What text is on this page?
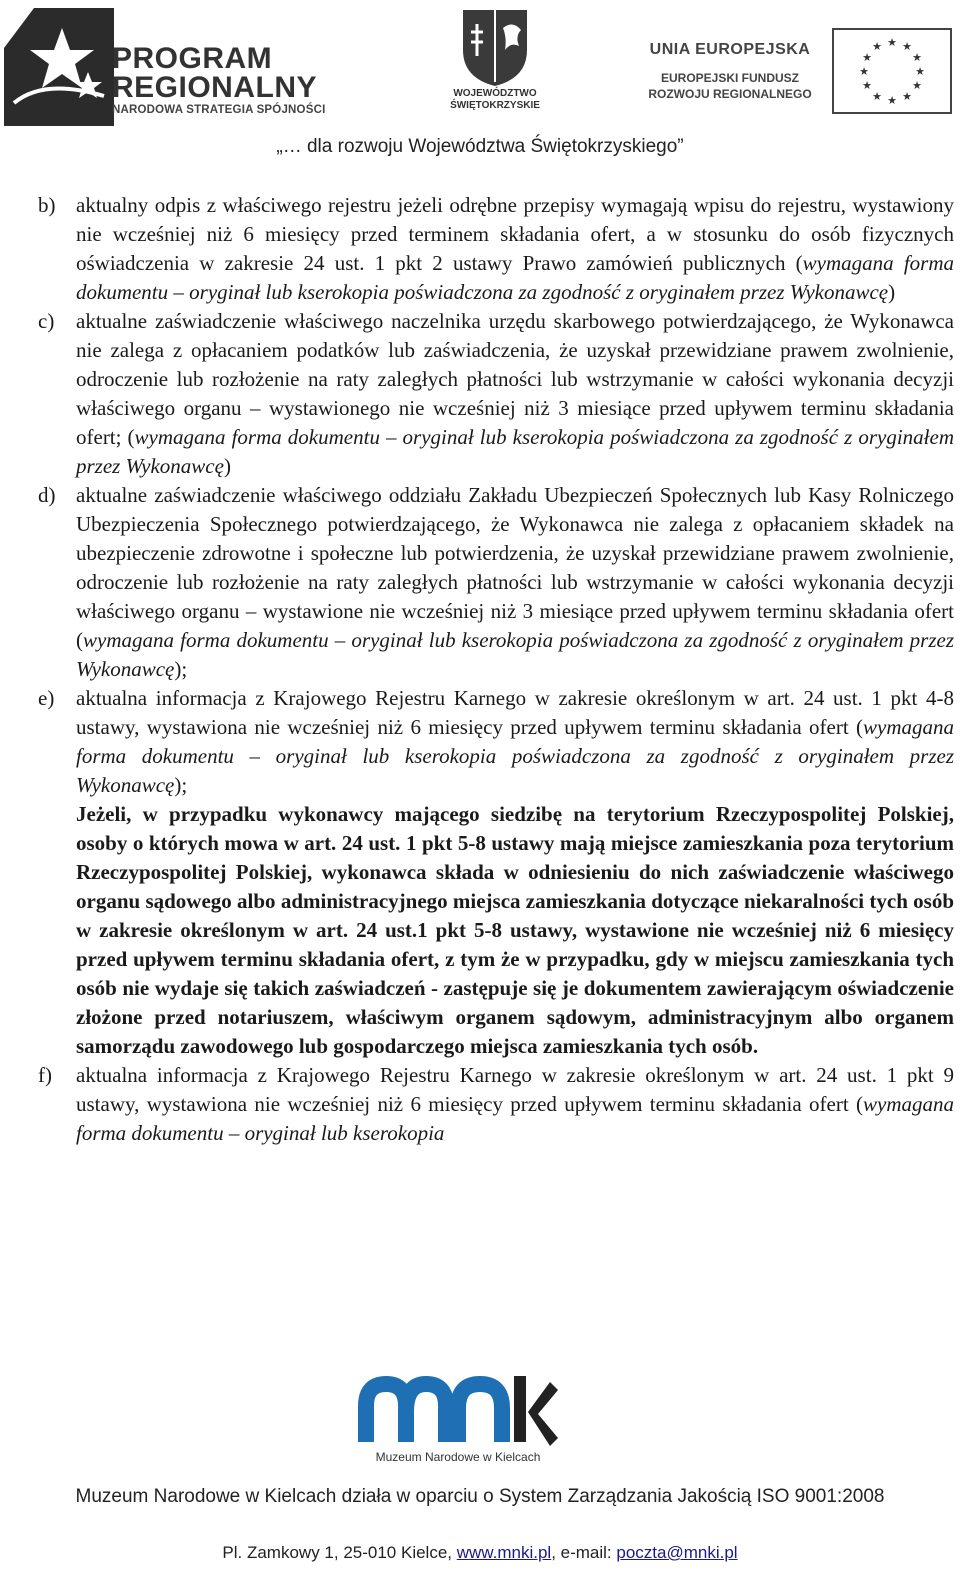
PROGRAM
REGIONALNY
NARODOWA STRATEGIA SPÓJNOŚCI
WOJEWÓDZTWO
ŚWIĘTOKRZYSKIE
UNIA EUROPEJSKA
EUROPEJSKI FUNDUSZ
ROZWOJU REGIONALNEGO
★ ★
★
★
★
★
★
★
★
★
★
★
„… dla rozwoju Województwa Świętokrzyskiego”
b) aktualny odpis z właściwego rejestru jeżeli odrębne przepisy wymagają wpisu do rejestru, wystawiony nie wcześniej niż 6 miesięcy przed terminem składania ofert, a w stosunku do osób fizycznych oświadczenia w zakresie 24 ust. 1 pkt 2 ustawy Prawo zamówień publicznych (wymagana forma dokumentu – oryginał lub kserokopia poświadczona za zgodność z oryginałem przez Wykonawcę)

c) aktualne zaświadczenie właściwego naczelnika urzędu skarbowego potwierdzającego, że Wykonawca nie zalega z opłacaniem podatków lub zaświadczenia, że uzyskał przewidziane prawem zwolnienie, odroczenie lub rozłożenie na raty zaległych płatności lub wstrzymanie w całości wykonania decyzji właściwego organu – wystawionego nie wcześniej niż 3 miesiące przed upływem terminu składania ofert; (wymagana forma dokumentu – oryginał lub kserokopia poświadczona za zgodność z oryginałem przez Wykonawcę)

d) aktualne zaświadczenie właściwego oddziału Zakładu Ubezpieczeń Społecznych lub Kasy Rolniczego Ubezpieczenia Społecznego potwierdzającego, że Wykonawca nie zalega z opłacaniem składek na ubezpieczenie zdrowotne i społeczne lub potwierdzenia, że uzyskał przewidziane prawem zwolnienie, odroczenie lub rozłożenie na raty zaległych płatności lub wstrzymanie w całości wykonania decyzji właściwego organu – wystawione nie wcześniej niż 3 miesiące przed upływem terminu składania ofert (wymagana forma dokumentu – oryginał lub kserokopia poświadczona za zgodność z oryginałem przez Wykonawcę);

e) aktualna informacja z Krajowego Rejestru Karnego w zakresie określonym w art. 24 ust. 1 pkt 4-8 ustawy, wystawiona nie wcześniej niż 6 miesięcy przed upływem terminu składania ofert (wymagana forma dokumentu – oryginał lub kserokopia poświadczona za zgodność z oryginałem przez Wykonawcę);

Jeżeli, w przypadku wykonawcy mającego siedzibę na terytorium Rzeczypospolitej Polskiej, osoby o których mowa w art. 24 ust. 1 pkt 5-8 ustawy mają miejsce zamieszkania poza terytorium Rzeczypospolitej Polskiej, wykonawca składa w odniesieniu do nich zaświadczenie właściwego organu sądowego albo administracyjnego miejsca zamieszkania dotyczące niekaralności tych osób w zakresie określonym w art. 24 ust.1 pkt 5-8 ustawy, wystawione nie wcześniej niż 6 miesięcy przed upływem terminu składania ofert, z tym że w przypadku, gdy w miejscu zamieszkania tych osób nie wydaje się takich zaświadczeń - zastępuje się je dokumentem zawierającym oświadczenie złożone przed notariuszem, właściwym organem sądowym, administracyjnym albo organem samorządu zawodowego lub gospodarczego miejsca zamieszkania tych osób.

f) aktualna informacja z Krajowego Rejestru Karnego w zakresie określonym w art. 24 ust. 1 pkt 9 ustawy, wystawiona nie wcześniej niż 6 miesięcy przed upływem terminu składania ofert (wymagana forma dokumentu – oryginał lub kserokopia

Muzeum Narodowe w Kielcach
Muzeum Narodowe w Kielcach działa w oparciu o System Zarządzania Jakością ISO 9001:2008
Pl. Zamkowy 1, 25-010 Kielce, www.mnki.pl, e-mail: poczta@mnki.pl
